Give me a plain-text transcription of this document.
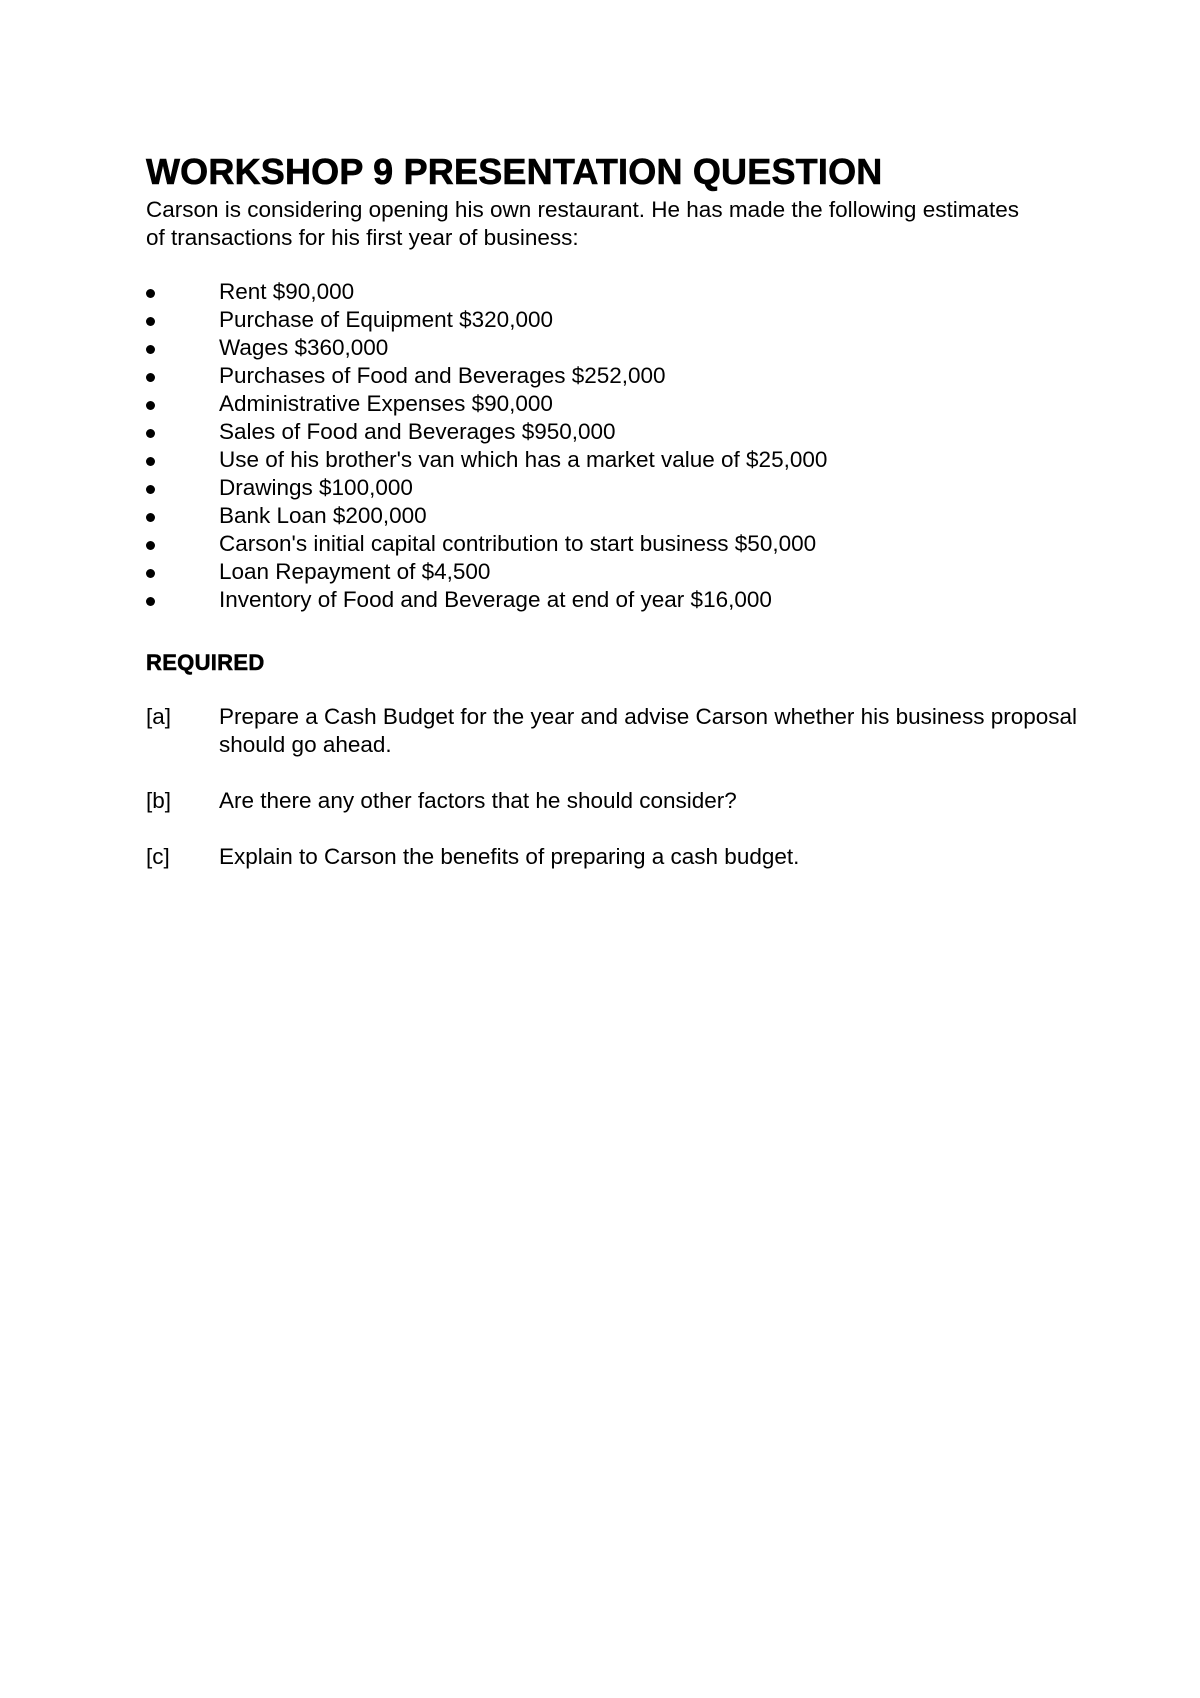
WORKSHOP 9 PRESENTATION QUESTION

Carson is considering opening his own restaurant. He has made the following estimates of transactions for his first year of business:

Rent $90,000
Purchase of Equipment $320,000
Wages $360,000
Purchases of Food and Beverages $252,000
Administrative Expenses $90,000
Sales of Food and Beverages $950,000
Use of his brother's van which has a market value of $25,000
Drawings $100,000
Bank Loan $200,000
Carson's initial capital contribution to start business $50,000
Loan Repayment of $4,500
Inventory of Food and Beverage at end of year $16,000
REQUIRED
[a] Prepare a Cash Budget for the year and advise Carson whether his business proposal should go ahead.
[b] Are there any other factors that he should consider?
[c] Explain to Carson the benefits of preparing a cash budget.
